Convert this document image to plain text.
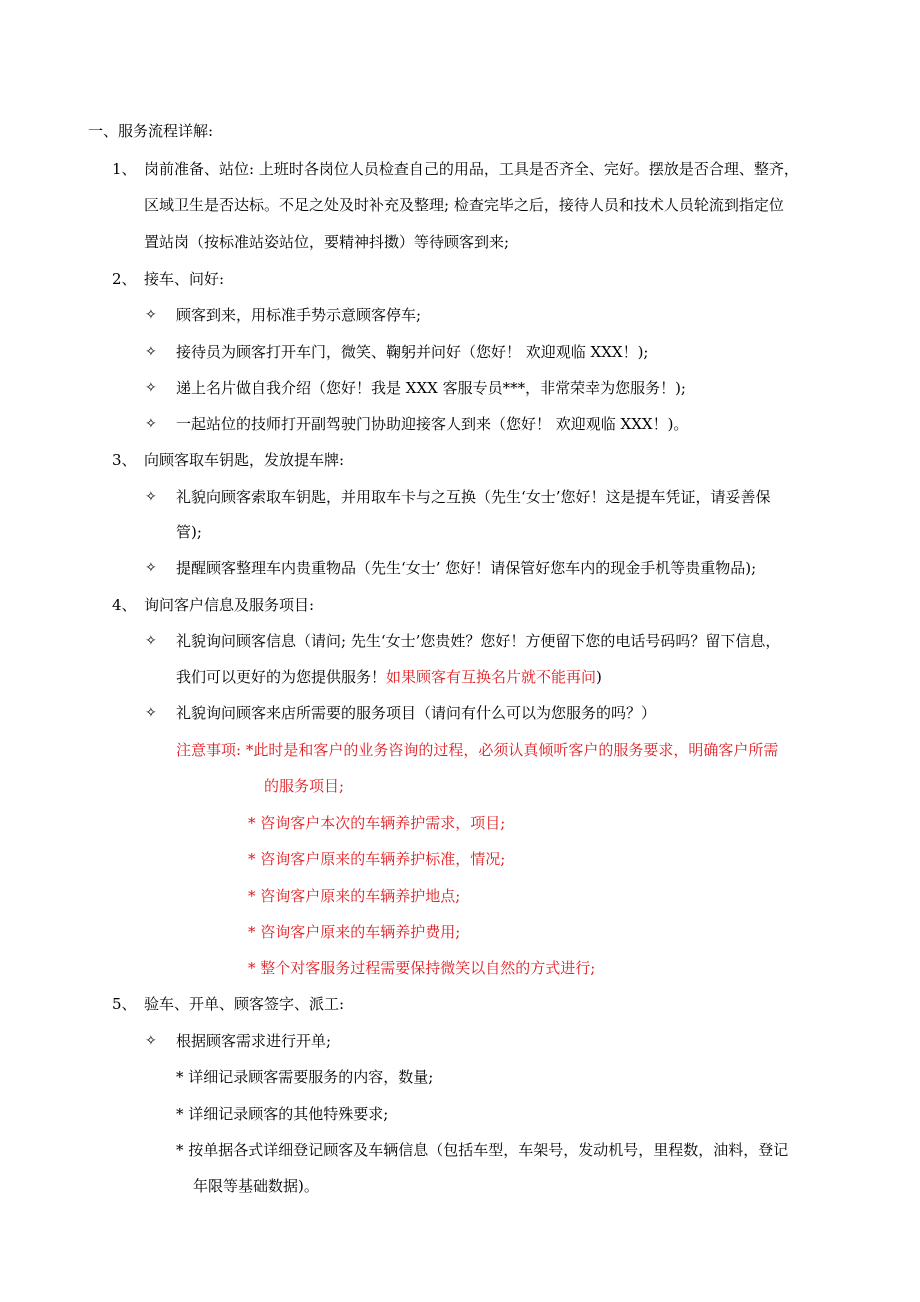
一、服务流程详解:
1、 岗前准备、站位: 上班时各岗位人员检查自己的用品，工具是否齐全、完好。摆放是否合理、整齐，
区域卫生是否达标。不足之处及时补充及整理; 检查完毕之后，接待人员和技术人员轮流到指定位
置站岗（按标准站姿站位，要精神抖擞）等待顾客到来;
2、 接车、问好:
✧ 顾客到来，用标准手势示意顾客停车;
✧ 接待员为顾客打开车门，微笑、鞠躬并问好（您好！ 欢迎观临 XXX！);
✧ 递上名片做自我介绍（您好！我是 XXX 客服专员***，非常荣幸为您服务！);
✧ 一起站位的技师打开副驾驶门协助迎接客人到来（您好！ 欢迎观临 XXX！)。
3、 向顾客取车钥匙，发放提车牌:
✧ 礼貌向顾客索取车钥匙，并用取车卡与之互换（先生‘女士’您好！这是提车凭证，请妥善保
管);
✧ 提醒顾客整理车内贵重物品（先生‘女士’ 您好！请保管好您车内的现金手机等贵重物品);
4、 询问客户信息及服务项目:
✧ 礼貌询问顾客信息（请问; 先生‘女士’您贵姓？您好！方便留下您的电话号码吗？留下信息，
我们可以更好的为您提供服务！如果顾客有互换名片就不能再问)
✧ 礼貌询问顾客来店所需要的服务项目（请问有什么可以为您服务的吗？）
注意事项: *此时是和客户的业务咨询的过程，必须认真倾听客户的服务要求，明确客户所需
的服务项目;
* 咨询客户本次的车辆养护需求，项目;
* 咨询客户原来的车辆养护标准，情况;
* 咨询客户原来的车辆养护地点;
* 咨询客户原来的车辆养护费用;
* 整个对客服务过程需要保持微笑以自然的方式进行;
5、 验车、开单、顾客签字、派工:
✧ 根据顾客需求进行开单;
* 详细记录顾客需要服务的内容，数量;
* 详细记录顾客的其他特殊要求;
* 按单据各式详细登记顾客及车辆信息（包括车型，车架号，发动机号，里程数，油料，登记
年限等基础数据)。
